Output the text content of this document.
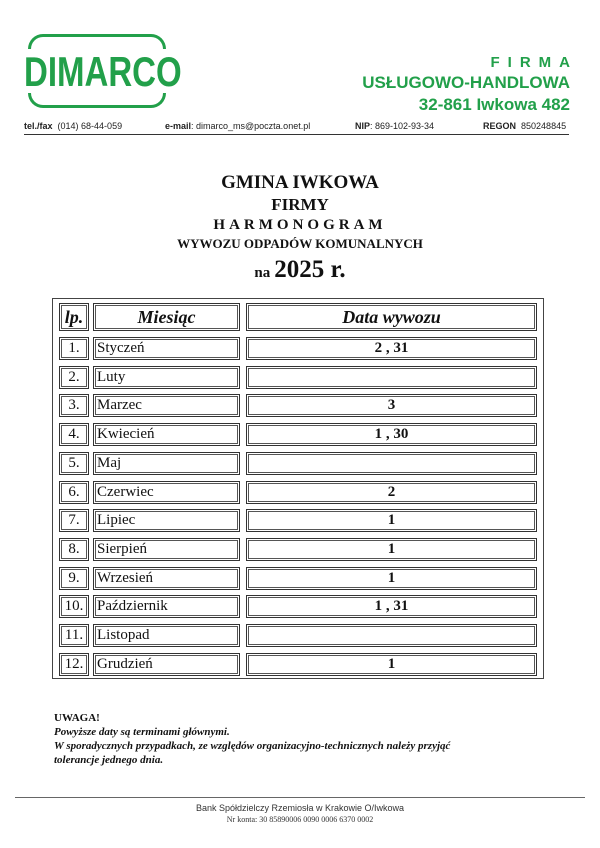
DIMARCO	FIRMA
USŁUGOWO-HANDLOWA
32-861 Iwkowa 482
tel./fax (014) 68-44-059	e-mail: dimarco_ms@poczta.onet.pl	NIP: 869-102-93-34	REGON 850248845
GMINA IWKOWA
FIRMY
HARMONOGRAM
WYWOZU ODPADÓW KOMUNALNYCH
na 2025 r.
lp.	Miesiąc	Data wywozu
1.	Styczeń	2 , 31
2.	Luty
3.	Marzec	3
4.	Kwiecień	1 , 30
5.	Maj
6.	Czerwiec	2
7.	Lipiec	1
8.	Sierpień	1
9.	Wrzesień	1
10. Październik	1 , 31
11. Listopad
12. Grudzień	1
UWAGA!
Powyższe daty są terminami głównymi.
W sporadycznych przypadkach, ze względów organizacyjno-technicznych należy przyjąć
tolerancje jednego dnia.
Bank Spółdzielczy Rzemiosła w Krakowie O/Iwkowa
Nr konta: 30 85890006 0090 0006 6370 0002
